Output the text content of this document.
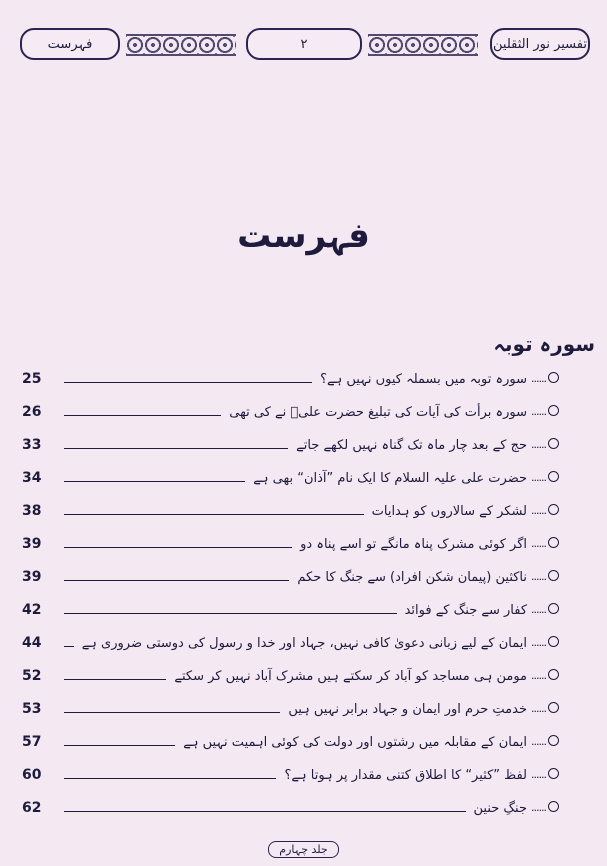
فہرست	۲	تفسیر نور الثقلین
فہرست
سورہ توبہ
......
سورہ توبہ میں بسملہ کیوں نہیں ہے؟
25
......
سورہ برأت کی آیات کی تبلیغ حضرت علیؑ نے کی تھی
26
......
حج کے بعد چار ماہ تک گناہ نہیں لکھے جاتے
33
......
حضرت علی علیہ السلام کا ایک نام ”آذان“ بھی ہے
34
......
لشکر کے سالاروں کو ہدایات
38
......
اگر کوئی مشرک پناہ مانگے تو اسے پناہ دو
39
......
ناکثین (پیمان شکن افراد) سے جنگ کا حکم
39
......
کفار سے جنگ کے فوائد
42
......
ایمان کے لیے زبانی دعویٰ کافی نہیں، جہاد اور خدا و رسول کی دوستی ضروری ہے
44
......
مومن ہی مساجد کو آباد کر سکتے ہیں مشرک آباد نہیں کر سکتے
52
......
خدمتِ حرم اور ایمان و جہاد برابر نہیں ہیں
53
......
ایمان کے مقابلہ میں رشتوں اور دولت کی کوئی اہمیت نہیں ہے
57
......
لفظ ”کثیر“ کا اطلاق کتنی مقدار پر ہوتا ہے؟
60
......
جنگِ حنین
62
جلد چہارم
